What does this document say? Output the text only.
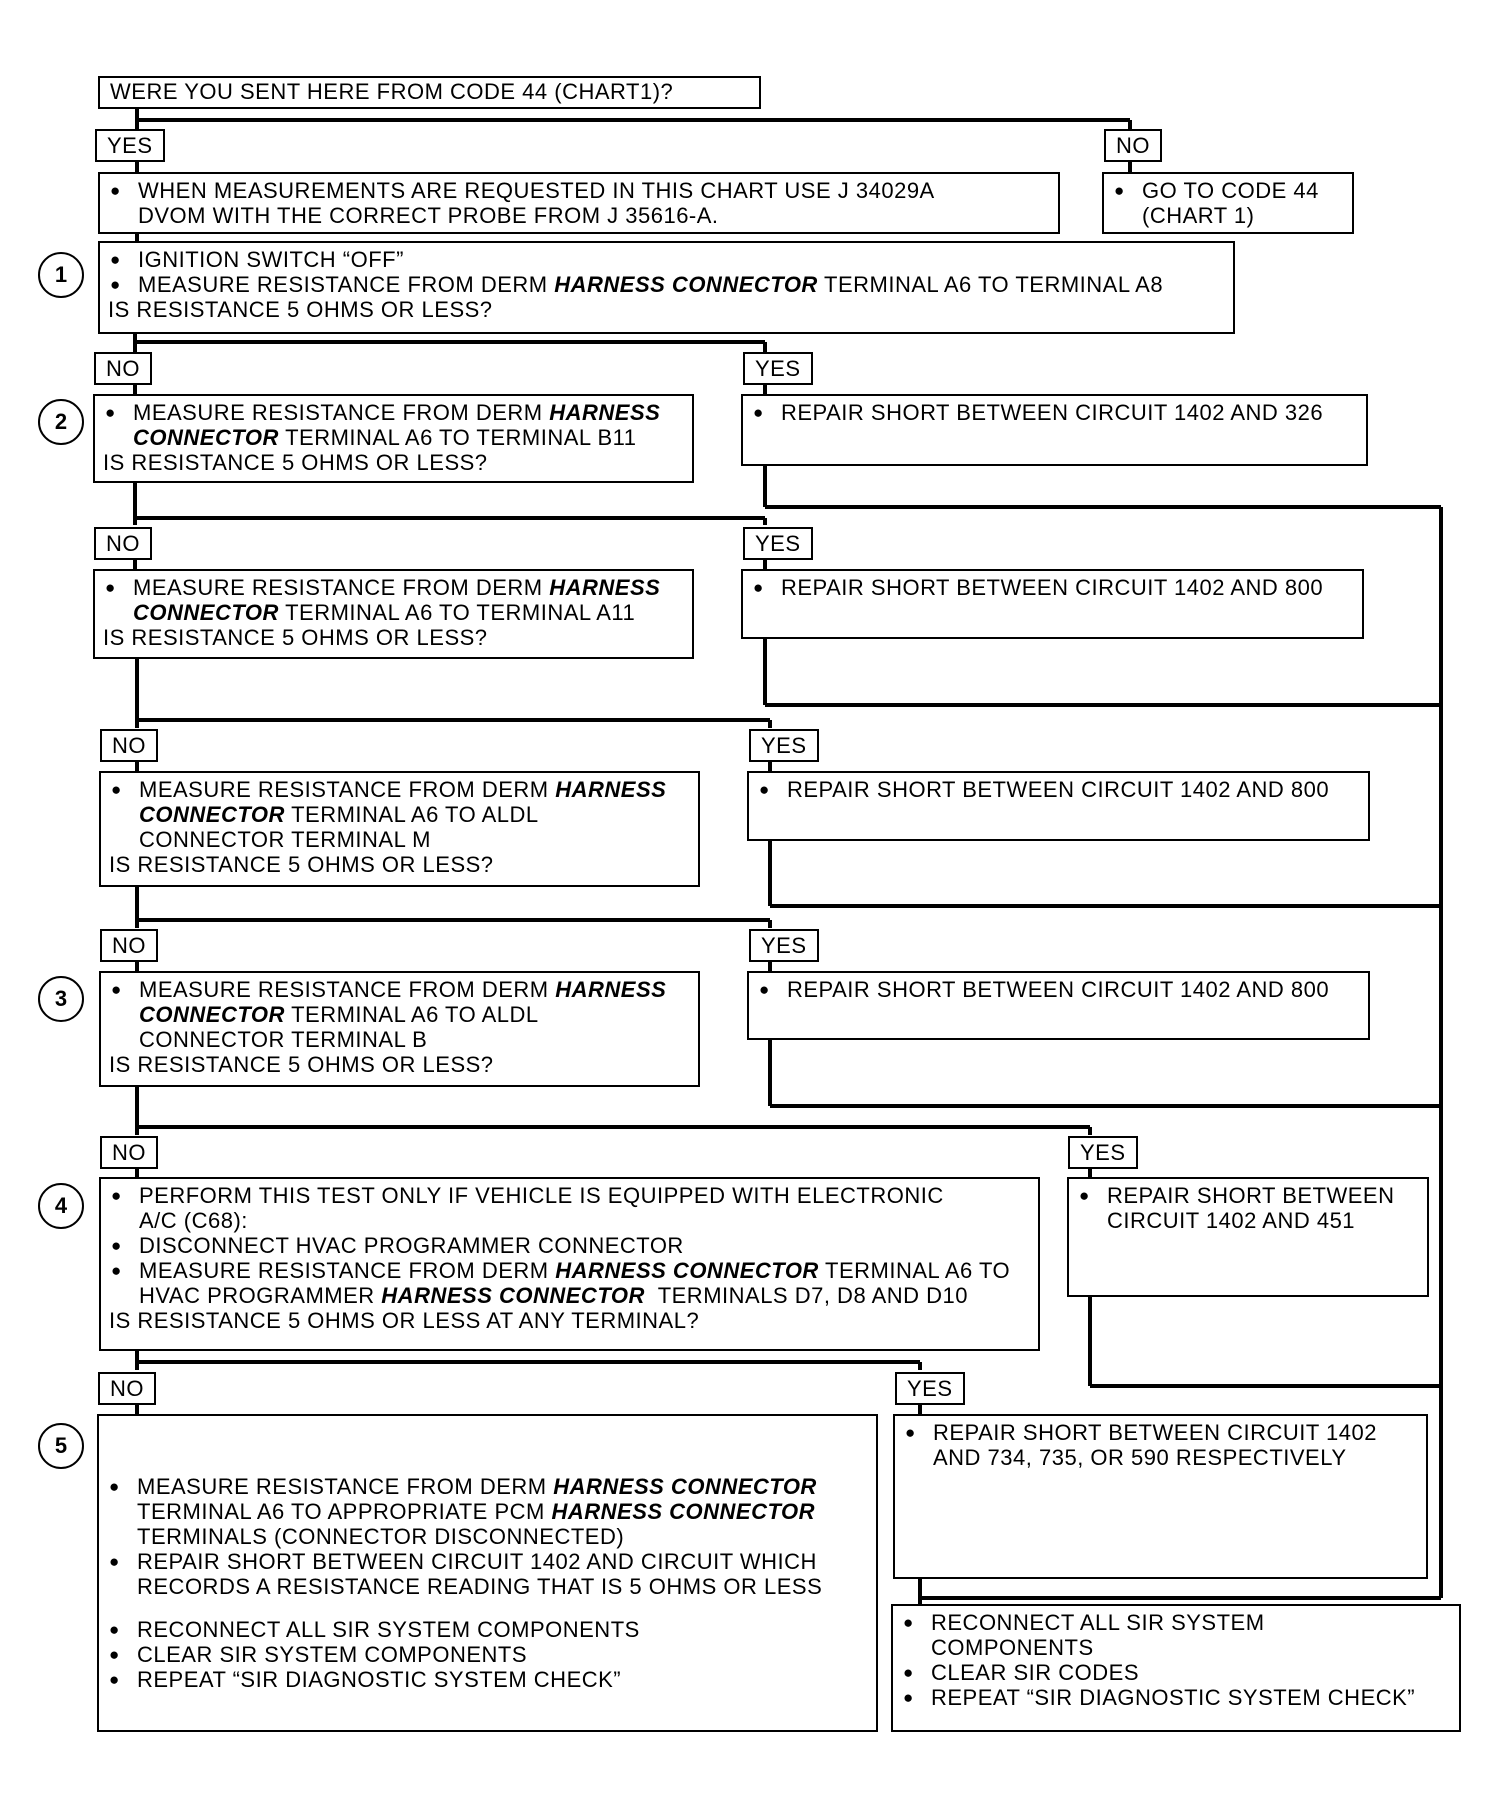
WERE YOU SENT HERE FROM CODE 44 (CHART1)?
YES	NO
● WHEN MEASUREMENTS ARE REQUESTED IN THIS CHART USE J 34029A
DVOM WITH THE CORRECT PROBE FROM J 35616-A.
● GO TO CODE 44
(CHART 1)
1
● IGNITION SWITCH “OFF”
● MEASURE RESISTANCE FROM DERM HARNESS CONNECTOR TERMINAL A6 TO TERMINAL A8
IS RESISTANCE 5 OHMS OR LESS?
NO	YES
2	● MEASURE RESISTANCE FROM DERM HARNESS
CONNECTOR TERMINAL A6 TO TERMINAL B11
IS RESISTANCE 5 OHMS OR LESS?
● REPAIR SHORT BETWEEN CIRCUIT 1402 AND 326
NO	YES
● MEASURE RESISTANCE FROM DERM HARNESS
CONNECTOR TERMINAL A6 TO TERMINAL A11
IS RESISTANCE 5 OHMS OR LESS?
● REPAIR SHORT BETWEEN CIRCUIT 1402 AND 800
NO	YES
● MEASURE RESISTANCE FROM DERM HARNESS
CONNECTOR TERMINAL A6 TO ALDL
CONNECTOR TERMINAL M
IS RESISTANCE 5 OHMS OR LESS?
● REPAIR SHORT BETWEEN CIRCUIT 1402 AND 800
NO	YES
3	● MEASURE RESISTANCE FROM DERM HARNESS
CONNECTOR TERMINAL A6 TO ALDL
CONNECTOR TERMINAL B
IS RESISTANCE 5 OHMS OR LESS?
● REPAIR SHORT BETWEEN CIRCUIT 1402 AND 800
NO	YES
4	● PERFORM THIS TEST ONLY IF VEHICLE IS EQUIPPED WITH ELECTRONIC
A/C (C68):
● DISCONNECT HVAC PROGRAMMER CONNECTOR
● MEASURE RESISTANCE FROM DERM HARNESS CONNECTOR TERMINAL A6 TO
HVAC PROGRAMMER HARNESS CONNECTOR TERMINALS D7, D8 AND D10
IS RESISTANCE 5 OHMS OR LESS AT ANY TERMINAL?
● REPAIR SHORT BETWEEN
CIRCUIT 1402 AND 451
NO	YES
5
● MEASURE RESISTANCE FROM DERM HARNESS CONNECTOR
TERMINAL A6 TO APPROPRIATE PCM HARNESS CONNECTOR
TERMINALS (CONNECTOR DISCONNECTED)
● REPAIR SHORT BETWEEN CIRCUIT 1402 AND CIRCUIT WHICH
RECORDS A RESISTANCE READING THAT IS 5 OHMS OR LESS
● RECONNECT ALL SIR SYSTEM COMPONENTS
● CLEAR SIR SYSTEM COMPONENTS
● REPEAT “SIR DIAGNOSTIC SYSTEM CHECK”
● REPAIR SHORT BETWEEN CIRCUIT 1402
AND 734, 735, OR 590 RESPECTIVELY
● RECONNECT ALL SIR SYSTEM
COMPONENTS
● CLEAR SIR CODES
● REPEAT “SIR DIAGNOSTIC SYSTEM CHECK”
